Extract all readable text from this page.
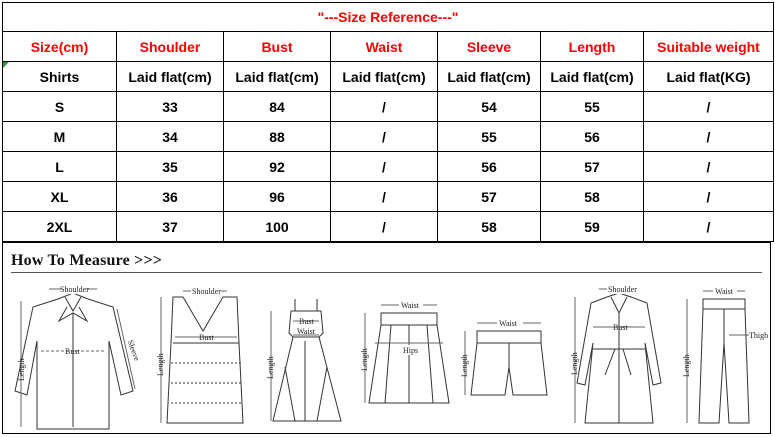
"---Size Reference---"						
Size(cm)	Shoulder	Bust	Waist	Sleeve	Length	Suitable weight

Shirts	Laid flat(cm)	Laid flat(cm)	Laid flat(cm)	Laid flat(cm)	Laid flat(cm)	Laid flat(KG)
S	33	84	/	54	55	/
M	34	88	/	55	56	/
L	35	92	/	56	57	/
XL	36	96	/	57	58	/
2XL	37	100	/	58	59	/
How To Measure >>>
Shoulder
Bust
Length
Sleeve
Shoulder
Bust
Length
Bust
Waist
Length
Waist
Hips
Length
Waist
Length
Shoulder
Bust
Length
Waist
Thigh
Length
